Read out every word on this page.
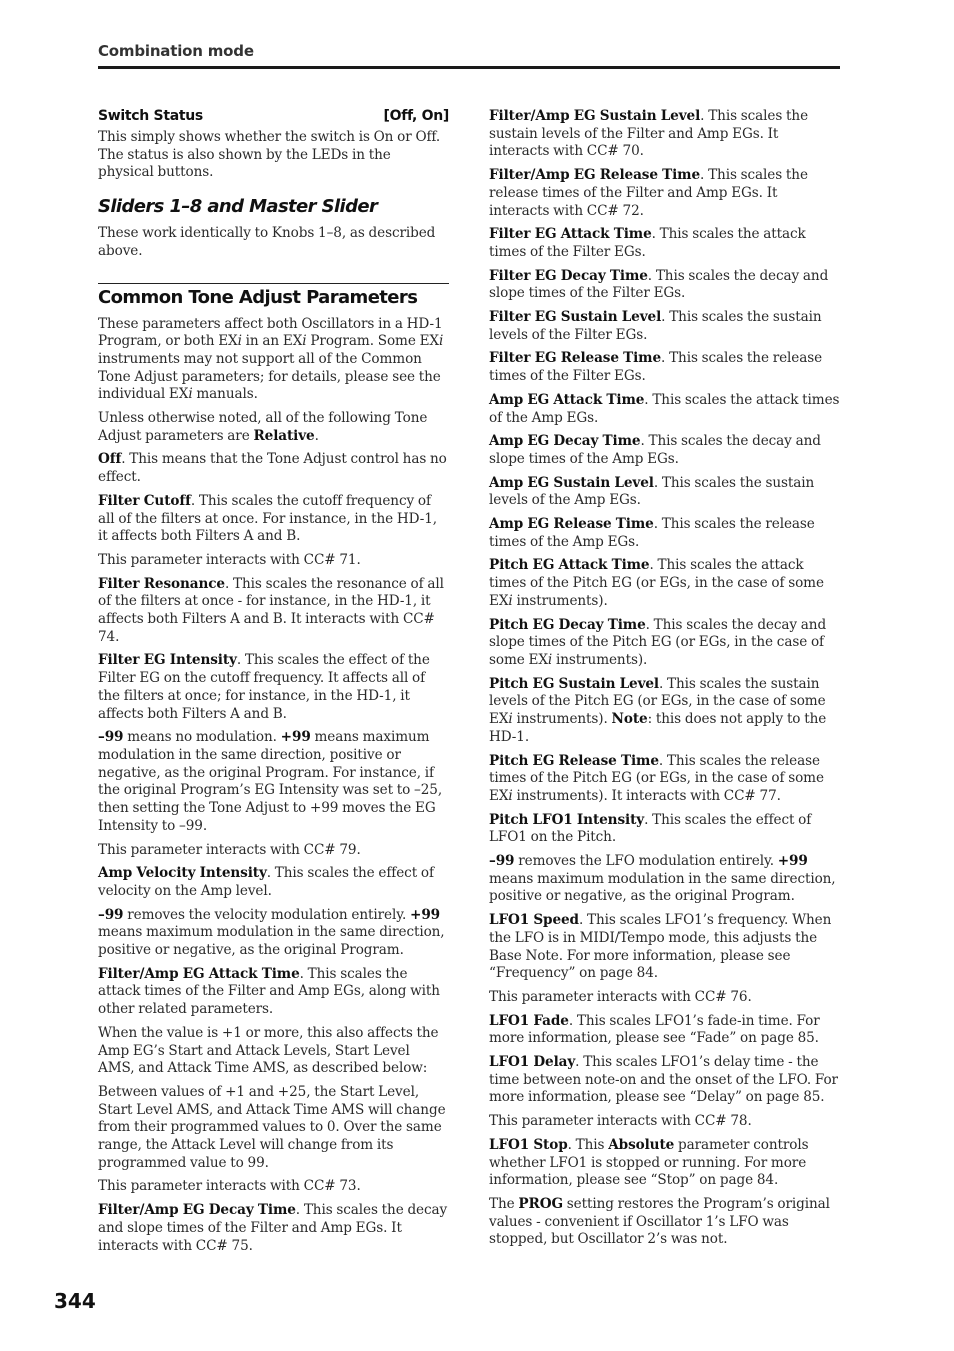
Combination mode
Switch Status	[Off, On]

This simply shows whether the switch is On or Off. The status is also shown by the LEDs in the physical buttons.

Sliders 1–8 and Master Slider

These work identically to Knobs 1–8, as described above.

Common Tone Adjust Parameters

These parameters affect both Oscillators in a HD-1 Program, or both EXi in an EXi Program. Some EXi instruments may not support all of the Common Tone Adjust parameters; for details, please see the individual EXi manuals.

Unless otherwise noted, all of the following Tone Adjust parameters are Relative.

Off. This means that the Tone Adjust control has no effect.

Filter Cutoff. This scales the cutoff frequency of all of the filters at once. For instance, in the HD-1, it affects both Filters A and B.

This parameter interacts with CC# 71.

Filter Resonance. This scales the resonance of all of the filters at once - for instance, in the HD-1, it affects both Filters A and B. It interacts with CC# 74.

Filter EG Intensity. This scales the effect of the Filter EG on the cutoff frequency. It affects all of the filters at once; for instance, in the HD-1, it affects both Filters A and B.

–99 means no modulation. +99 means maximum modulation in the same direction, positive or negative, as the original Program. For instance, if the original Program’s EG Intensity was set to –25, then setting the Tone Adjust to +99 moves the EG Intensity to –99.

This parameter interacts with CC# 79.

Amp Velocity Intensity. This scales the effect of velocity on the Amp level.

–99 removes the velocity modulation entirely. +99 means maximum modulation in the same direction, positive or negative, as the original Program.

Filter/Amp EG Attack Time. This scales the attack times of the Filter and Amp EGs, along with other related parameters.

When the value is +1 or more, this also affects the Amp EG’s Start and Attack Levels, Start Level AMS, and Attack Time AMS, as described below:

Between values of +1 and +25, the Start Level, Start Level AMS, and Attack Time AMS will change from their programmed values to 0. Over the same range, the Attack Level will change from its programmed value to 99.

This parameter interacts with CC# 73.

Filter/Amp EG Decay Time. This scales the decay and slope times of the Filter and Amp EGs. It interacts with CC# 75.

Filter/Amp EG Sustain Level. This scales the sustain levels of the Filter and Amp EGs. It interacts with CC# 70.

Filter/Amp EG Release Time. This scales the release times of the Filter and Amp EGs. It interacts with CC# 72.

Filter EG Attack Time. This scales the attack times of the Filter EGs.

Filter EG Decay Time. This scales the decay and slope times of the Filter EGs.

Filter EG Sustain Level. This scales the sustain levels of the Filter EGs.

Filter EG Release Time. This scales the release times of the Filter EGs.

Amp EG Attack Time. This scales the attack times of the Amp EGs.

Amp EG Decay Time. This scales the decay and slope times of the Amp EGs.

Amp EG Sustain Level. This scales the sustain levels of the Amp EGs.

Amp EG Release Time. This scales the release times of the Amp EGs.

Pitch EG Attack Time. This scales the attack times of the Pitch EG (or EGs, in the case of some EXi instruments).

Pitch EG Decay Time. This scales the decay and slope times of the Pitch EG (or EGs, in the case of some EXi instruments).

Pitch EG Sustain Level. This scales the sustain levels of the Pitch EG (or EGs, in the case of some EXi instruments). Note: this does not apply to the HD-1.

Pitch EG Release Time. This scales the release times of the Pitch EG (or EGs, in the case of some EXi instruments). It interacts with CC# 77.

Pitch LFO1 Intensity. This scales the effect of LFO1 on the Pitch.

–99 removes the LFO modulation entirely. +99 means maximum modulation in the same direction, positive or negative, as the original Program.

LFO1 Speed. This scales LFO1’s frequency. When the LFO is in MIDI/Tempo mode, this adjusts the Base Note. For more information, please see “Frequency” on page 84.

This parameter interacts with CC# 76.

LFO1 Fade. This scales LFO1’s fade-in time. For more information, please see “Fade” on page 85.

LFO1 Delay. This scales LFO1’s delay time - the time between note-on and the onset of the LFO. For more information, please see “Delay” on page 85.

This parameter interacts with CC# 78.

LFO1 Stop. This Absolute parameter controls whether LFO1 is stopped or running. For more information, please see “Stop” on page 84.

The PROG setting restores the Program’s original values - convenient if Oscillator 1’s LFO was stopped, but Oscillator 2’s was not.

344
